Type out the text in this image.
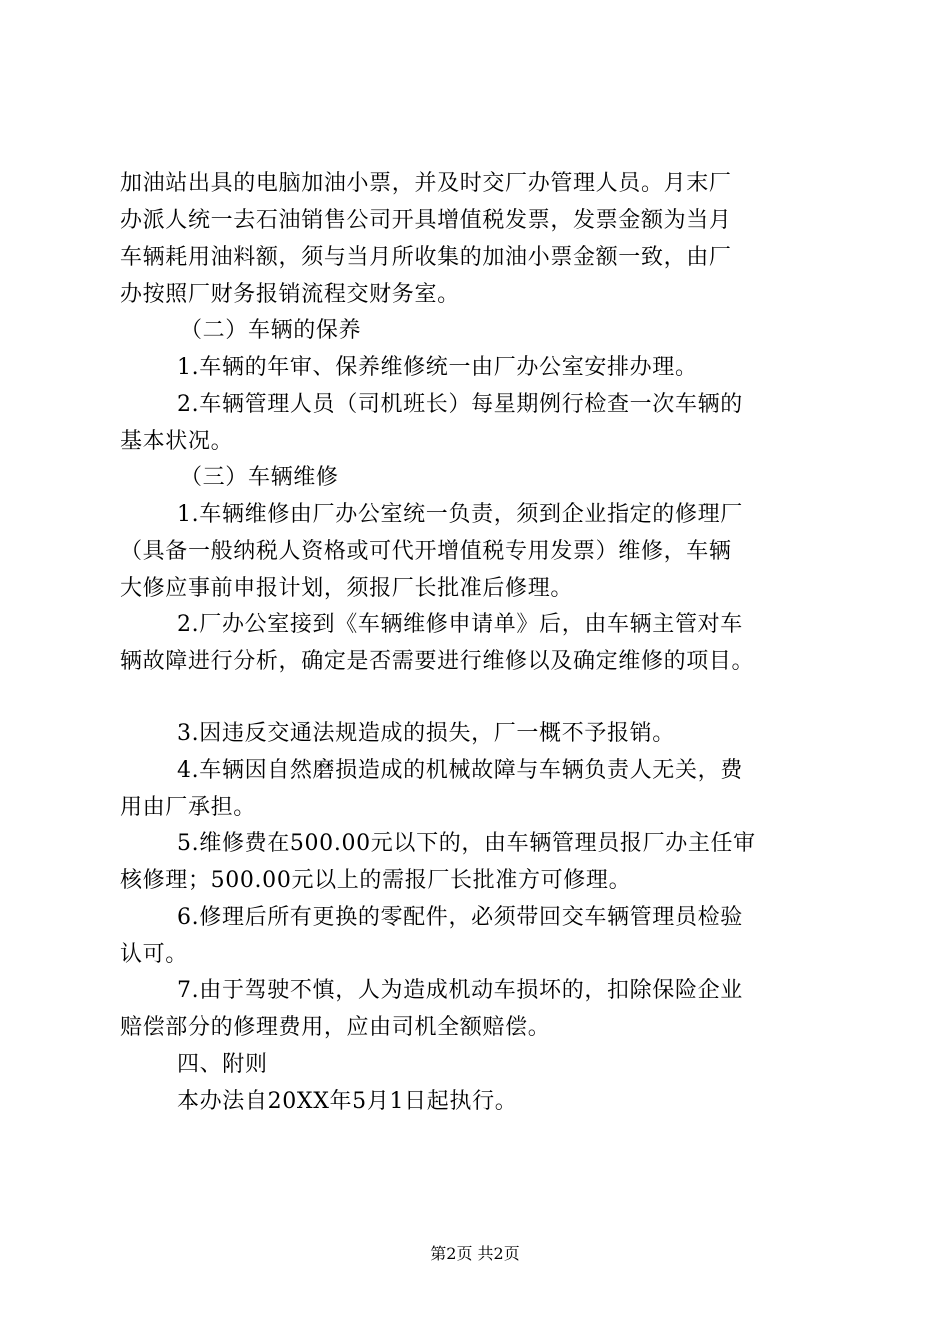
加油站出具的电脑加油小票，并及时交厂办管理人员。月末厂
办派人统一去石油销售公司开具增值税发票，发票金额为当月
车辆耗用油料额，须与当月所收集的加油小票金额一致，由厂
办按照厂财务报销流程交财务室。
（二）车辆的保养
1.车辆的年审、保养维修统一由厂办公室安排办理。
2.车辆管理人员（司机班长）每星期例行检查一次车辆的
基本状况。
（三）车辆维修
1.车辆维修由厂办公室统一负责，须到企业指定的修理厂
（具备一般纳税人资格或可代开增值税专用发票）维修，车辆
大修应事前申报计划，须报厂长批准后修理。
2.厂办公室接到《车辆维修申请单》后，由车辆主管对车
辆故障进行分析，确定是否需要进行维修以及确定维修的项目。
3.因违反交通法规造成的损失，厂一概不予报销。
4.车辆因自然磨损造成的机械故障与车辆负责人无关，费
用由厂承担。
5.维修费在500.00元以下的，由车辆管理员报厂办主任审
核修理；500.00元以上的需报厂长批准方可修理。
6.修理后所有更换的零配件，必须带回交车辆管理员检验
认可。
7.由于驾驶不慎，人为造成机动车损坏的，扣除保险企业
赔偿部分的修理费用，应由司机全额赔偿。
四、附则
本办法自20XX年5月1日起执行。
第2页 共2页
